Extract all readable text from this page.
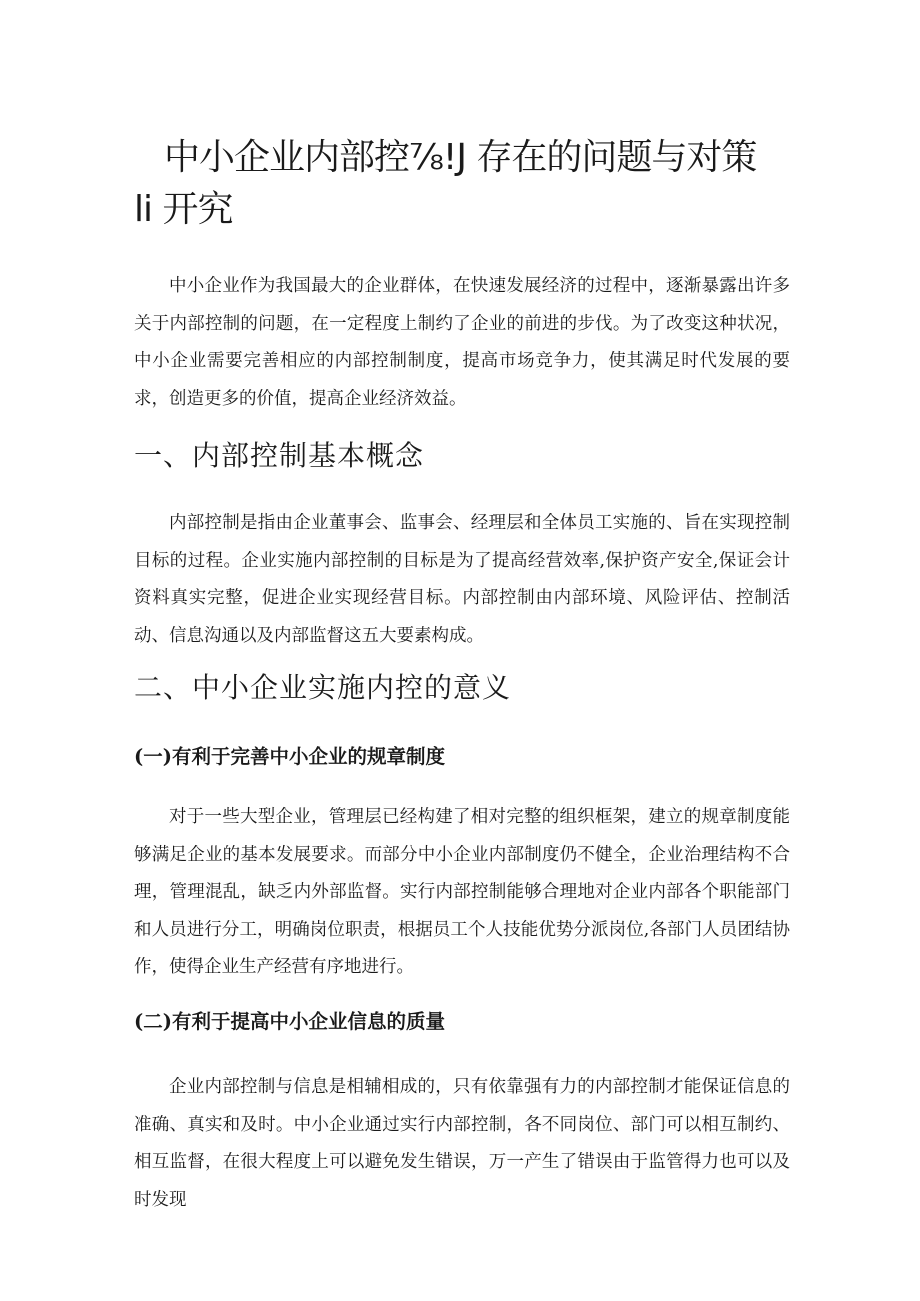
中小企业内部控⅞!J 存在的问题与对策 li 开究

中小企业作为我国最大的企业群体，在快速发展经济的过程中，逐渐暴露出许多关于内部控制的问题，在一定程度上制约了企业的前进的步伐。为了改变这种状况，中小企业需要完善相应的内部控制制度，提高市场竞争力，使其满足时代发展的要求，创造更多的价值，提高企业经济效益。

一、内部控制基本概念

内部控制是指由企业董事会、监事会、经理层和全体员工实施的、旨在实现控制目标的过程。企业实施内部控制的目标是为了提高经营效率,保护资产安全,保证会计资料真实完整，促进企业实现经营目标。内部控制由内部环境、风险评估、控制活动、信息沟通以及内部监督这五大要素构成。

二、中小企业实施内控的意义
(一)有利于完善中小企业的规章制度

对于一些大型企业，管理层已经构建了相对完整的组织框架，建立的规章制度能够满足企业的基本发展要求。而部分中小企业内部制度仍不健全，企业治理结构不合理，管理混乱，缺乏内外部监督。实行内部控制能够合理地对企业内部各个职能部门和人员进行分工，明确岗位职责，根据员工个人技能优势分派岗位,各部门人员团结协作，使得企业生产经营有序地进行。

(二)有利于提高中小企业信息的质量

企业内部控制与信息是相辅相成的，只有依靠强有力的内部控制才能保证信息的准确、真实和及时。中小企业通过实行内部控制，各不同岗位、部门可以相互制约、相互监督，在很大程度上可以避免发生错误，万一产生了错误由于监管得力也可以及时发现
